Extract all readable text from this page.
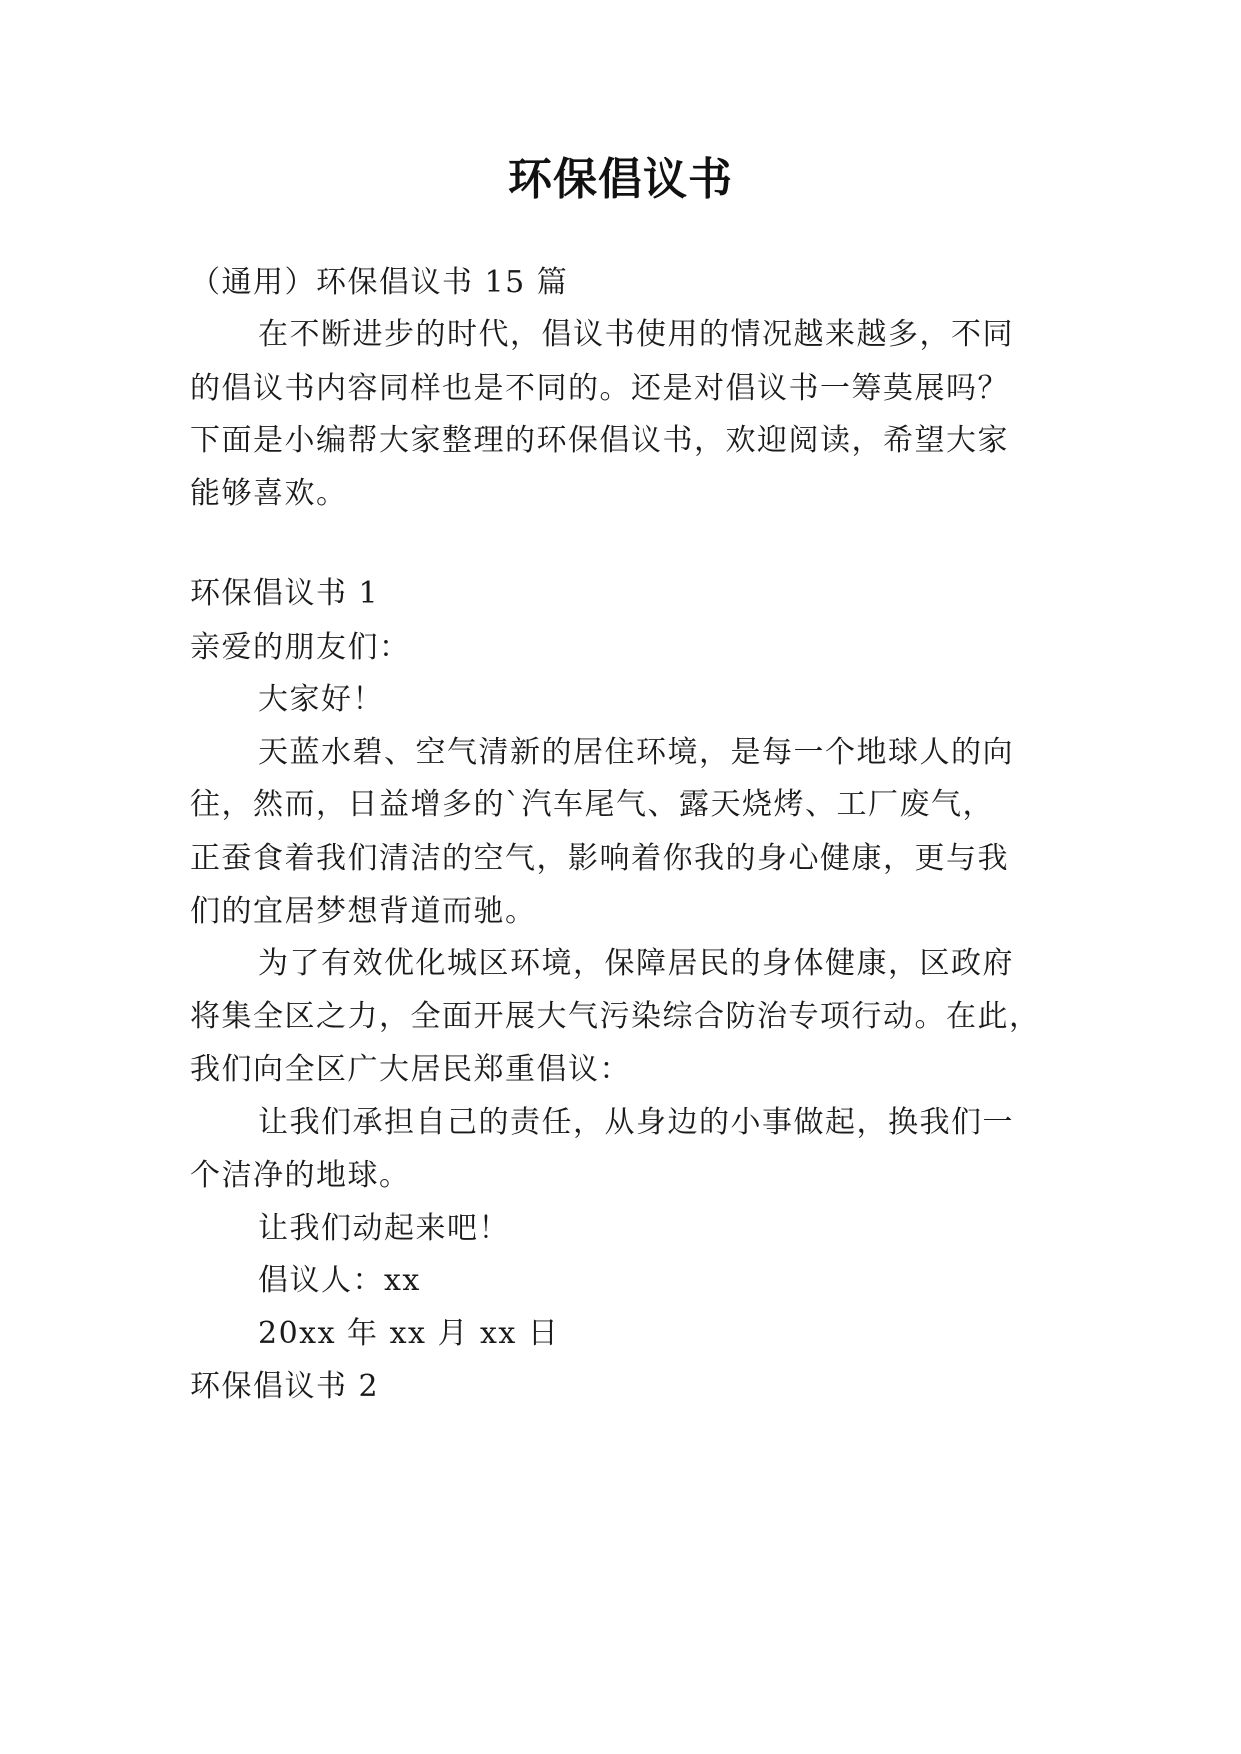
环保倡议书
（通用）环保倡议书 15 篇
在不断进步的时代，倡议书使用的情况越来越多，不同
的倡议书内容同样也是不同的。还是对倡议书一筹莫展吗？
下面是小编帮大家整理的环保倡议书，欢迎阅读，希望大家
能够喜欢。
环保倡议书 1
亲爱的朋友们：
大家好！
天蓝水碧、空气清新的居住环境，是每一个地球人的向
往，然而，日益增多的`汽车尾气、露天烧烤、工厂废气，
正蚕食着我们清洁的空气，影响着你我的身心健康，更与我
们的宜居梦想背道而驰。
为了有效优化城区环境，保障居民的身体健康，区政府
将集全区之力，全面开展大气污染综合防治专项行动。在此，
我们向全区广大居民郑重倡议：
让我们承担自己的责任，从身边的小事做起，换我们一
个洁净的地球。
让我们动起来吧！
倡议人：xx
20xx 年 xx 月 xx 日
环保倡议书 2
